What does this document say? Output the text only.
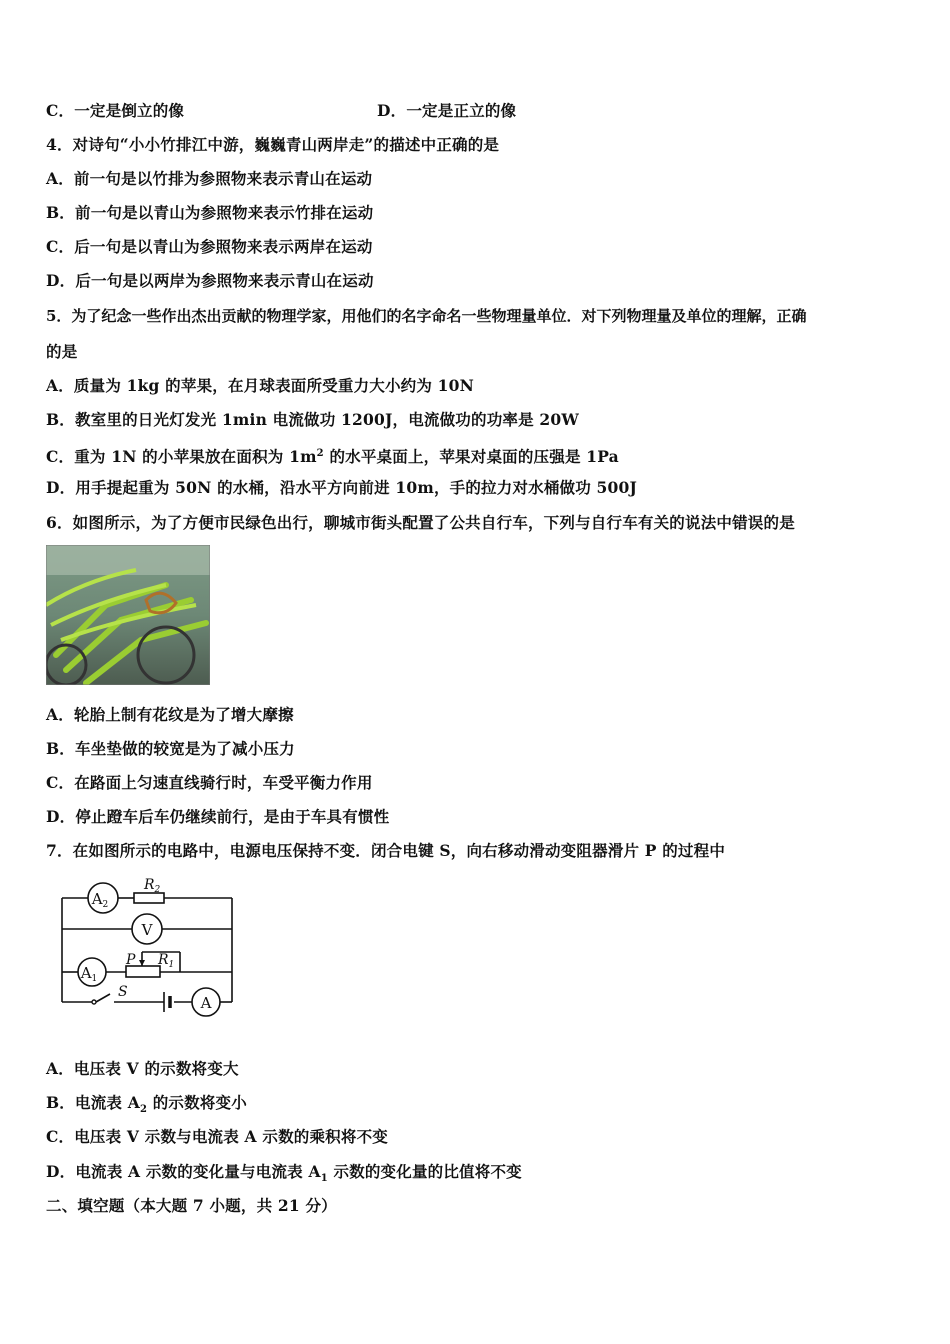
C．一定是倒立的像	D．一定是正立的像
4．对诗句“小小竹排江中游，巍巍青山两岸走”的描述中正确的是
A．前一句是以竹排为参照物来表示青山在运动
B．前一句是以青山为参照物来表示竹排在运动
C．后一句是以青山为参照物来表示两岸在运动
D．后一句是以两岸为参照物来表示青山在运动
5．为了纪念一些作出杰出贡献的物理学家，用他们的名字命名一些物理量单位．对下列物理量及单位的理解，正确
的是
A．质量为 1kg 的苹果，在月球表面所受重力大小约为 10N
B．教室里的日光灯发光 1min 电流做功 1200J，电流做功的功率是 20W
C．重为 1N 的小苹果放在面积为 $1m^2$ 的水平桌面上，苹果对桌面的压强是 1Pa
D．用手提起重为 50N 的水桶，沿水平方向前进 10m，手的拉力对水桶做功 500J
6．如图所示，为了方便市民绿色出行，聊城市街头配置了公共自行车，下列与自行车有关的说法中错误的是
A．轮胎上制有花纹是为了增大摩擦
B．车坐垫做的较宽是为了减小压力
C．在路面上匀速直线骑行时，车受平衡力作用
D．停止蹬车后车仍继续前行，是由于车具有惯性
7．在如图所示的电路中，电源电压保持不变．闭合电键 S，向右移动滑动变阻器滑片 P 的过程中
$A_2$
V
$A_1$
A
$R_2$
P $R_1$
S
A．电压表 V 的示数将变大
B．电流表 $A_2$ 的示数将变小
C．电压表 V 示数与电流表 A 示数的乘积将不变
D．电流表 A 示数的变化量与电流表 $A_1$ 示数的变化量的比值将不变
二、填空题（本大题 7 小题，共 21 分）
